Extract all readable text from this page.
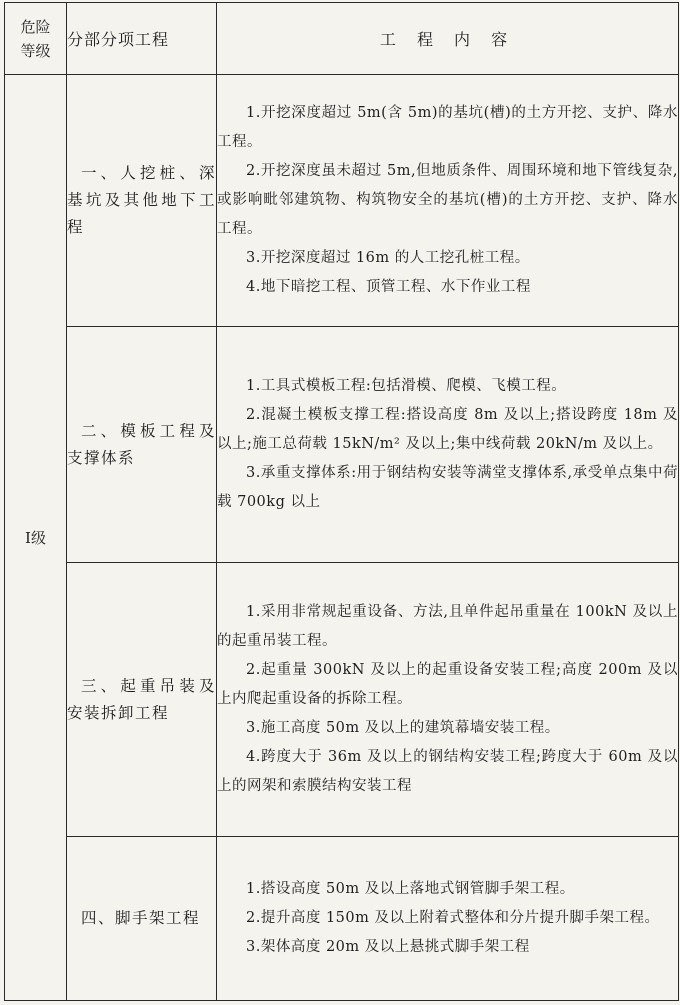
危险
等级	分部分项工程	工 程 内 容
Ⅰ级	一、人挖桩、深基坑及其他地下工程	1.开挖深度超过 5m(含 5m)的基坑(槽)的土方开挖、支护、降水工程。

2.开挖深度虽未超过 5m,但地质条件、周围环境和地下管线复杂,或影响毗邻建筑物、构筑物安全的基坑(槽)的土方开挖、支护、降水工程。

3.开挖深度超过 16m 的人工挖孔桩工程。

4.地下暗挖工程、顶管工程、水下作业工程

	二、模板工程及支撑体系	1.工具式模板工程:包括滑模、爬模、飞模工程。

2.混凝土模板支撑工程:搭设高度 8m 及以上;搭设跨度 18m 及以上;施工总荷载 15kN/m² 及以上;集中线荷载 20kN/m 及以上。

3.承重支撑体系:用于钢结构安装等满堂支撑体系,承受单点集中荷载 700kg 以上

	三、起重吊装及安装拆卸工程	1.采用非常规起重设备、方法,且单件起吊重量在 100kN 及以上的起重吊装工程。

2.起重量 300kN 及以上的起重设备安装工程;高度 200m 及以上内爬起重设备的拆除工程。

3.施工高度 50m 及以上的建筑幕墙安装工程。

4.跨度大于 36m 及以上的钢结构安装工程;跨度大于 60m 及以上的网架和索膜结构安装工程

	四、脚手架工程	1.搭设高度 50m 及以上落地式钢管脚手架工程。

2.提升高度 150m 及以上附着式整体和分片提升脚手架工程。

3.架体高度 20m 及以上悬挑式脚手架工程
